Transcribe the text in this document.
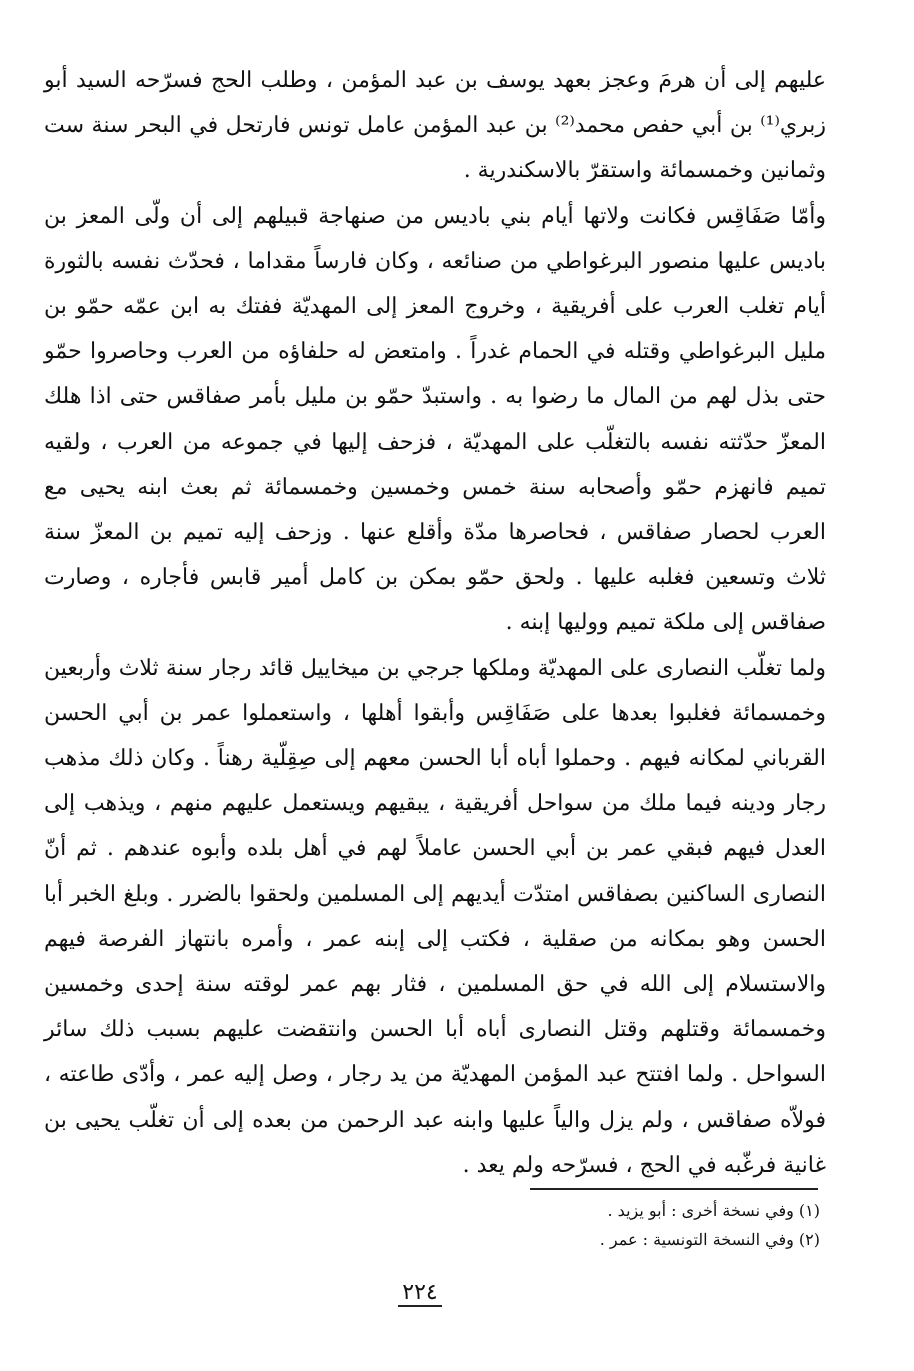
عليهم إلى أن هرمَ وعجز بعهد يوسف بن عبد المؤمن ، وطلب الحج فسرّحه السيد أبو زبري⁽¹⁾ بن أبي حفص محمد⁽²⁾ بن عبد المؤمن عامل تونس فارتحل في البحر سنة ست وثمانين وخمسمائة واستقرّ بالاسكندرية .

وأمّا صَفَاقِس فكانت ولاتها أيام بني باديس من صنهاجة قبيلهم إلى أن ولّى المعز بن باديس عليها منصور البرغواطي من صنائعه ، وكان فارساً مقداما ، فحدّث نفسه بالثورة أيام تغلب العرب على أفريقية ، وخروج المعز إلى المهديّة ففتك به ابن عمّه حمّو بن مليل البرغواطي وقتله في الحمام غدراً . وامتعض له حلفاؤه من العرب وحاصروا حمّو حتى بذل لهم من المال ما رضوا به . واستبدّ حمّو بن مليل بأمر صفاقس حتى اذا هلك المعزّ حدّثته نفسه بالتغلّب على المهديّة ، فزحف إليها في جموعه من العرب ، ولقيه تميم فانهزم حمّو وأصحابه سنة خمس وخمسين وخمسمائة ثم بعث ابنه يحيى مع العرب لحصار صفاقس ، فحاصرها مدّة وأقلع عنها . وزحف إليه تميم بن المعزّ سنة ثلاث وتسعين فغلبه عليها . ولحق حمّو بمكن بن كامل أمير قابس فأجاره ، وصارت صفاقس إلى ملكة تميم ووليها إبنه .

ولما تغلّب النصارى على المهديّة وملكها جرجي بن ميخاييل قائد رجار سنة ثلاث وأربعين وخمسمائة فغلبوا بعدها على صَفَاقِس وأبقوا أهلها ، واستعملوا عمر بن أبي الحسن القرباني لمكانه فيهم . وحملوا أباه أبا الحسن معهم إلى صِقِلّية رهناً . وكان ذلك مذهب رجار ودينه فيما ملك من سواحل أفريقية ، يبقيهم ويستعمل عليهم منهم ، ويذهب إلى العدل فيهم فبقي عمر بن أبي الحسن عاملاً لهم في أهل بلده وأبوه عندهم . ثم أنّ النصارى الساكنين بصفاقس امتدّت أيديهم إلى المسلمين ولحقوا بالضرر . وبلغ الخبر أبا الحسن وهو بمكانه من صقلية ، فكتب إلى إبنه عمر ، وأمره بانتهاز الفرصة فيهم والاستسلام إلى الله في حق المسلمين ، فثار بهم عمر لوقته سنة إحدى وخمسين وخمسمائة وقتلهم وقتل النصارى أباه أبا الحسن وانتقضت عليهم بسبب ذلك سائر السواحل . ولما افتتح عبد المؤمن المهديّة من يد رجار ، وصل إليه عمر ، وأدّى طاعته ، فولاّه صفاقس ، ولم يزل والياً عليها وابنه عبد الرحمن من بعده إلى أن تغلّب يحيى بن غانية فرغّبه في الحج ، فسرّحه ولم يعد .

(١) وفي نسخة أخرى : أبو يزيد .

(٢) وفي النسخة التونسية : عمر .

٢٢٤
